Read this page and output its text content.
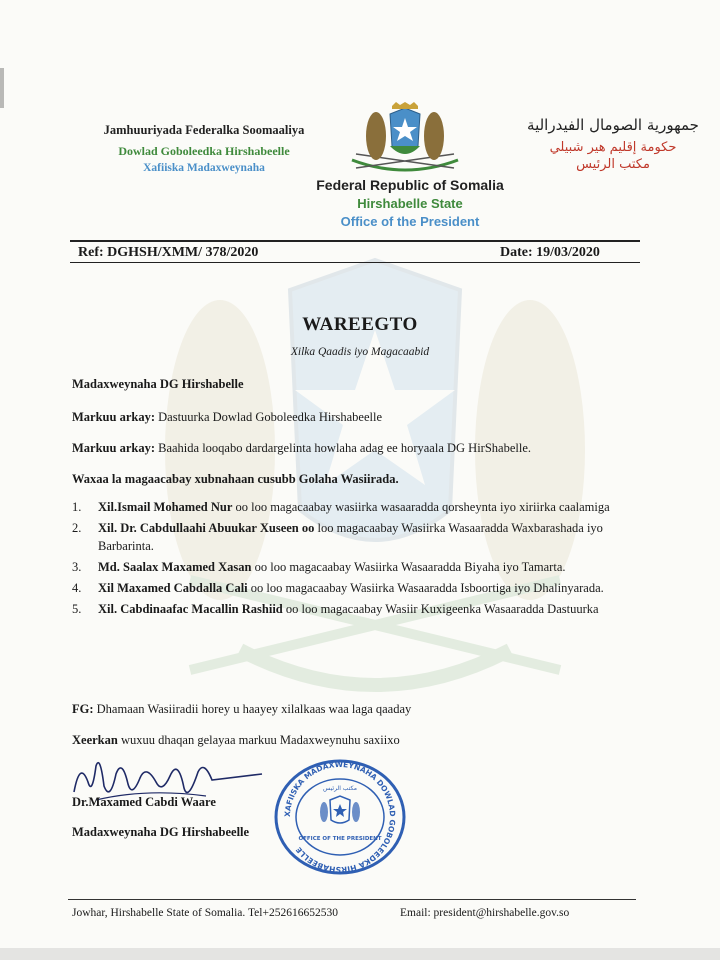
Jamhuuriyada Federalka Soomaaliya
Dowlad Goboleedka Hirshabeelle
Xafiiska Madaxweynaha
Federal Republic of Somalia
Hirshabelle State
Office of the President
جمهورية الصومال الفيدرالية
حكومة إقليم هير شبيلي
مكتب الرئيس
Ref: DGHSH/XMM/ 378/2020	Date: 19/03/2020
WAREEGTO
Xilka Qaadis iyo Magacaabid
Madaxweynaha DG Hirshabelle
Markuu arkay: Dastuurka Dowlad Goboleedka Hirshabeelle
Markuu arkay: Baahida looqabo dardargelinta howlaha adag ee horyaala DG HirShabelle.
Waxaa la magaacabay xubnahaan cusubb Golaha Wasiirada.
1. Xil.Ismail Mohamed Nur oo loo magacaabay wasiirka wasaaradda qorsheynta iyo xiriirka caalamiga
2. Xil. Dr. Cabdullaahi Abuukar Xuseen oo loo magacaabay Wasiirka Wasaaradda Waxbarashada iyo Barbarinta.
3. Md. Saalax Maxamed Xasan oo loo magacaabay Wasiirka Wasaaradda Biyaha iyo Tamarta.
4. Xil Maxamed Cabdalla Cali oo loo magacaabay Wasiirka Wasaaradda Isboortiga iyo Dhalinyarada.
5. Xil. Cabdinaafac Macallin Rashiid oo loo magacaabay Wasiir Kuxigeenka Wasaaradda Dastuurka
FG: Dhamaan Wasiiradii horey u haayey xilalkaas waa laga qaaday
Xeerkan wuxuu dhaqan gelayaa markuu Madaxweynuhu saxiixo
Dr.Maxamed Cabdi Waare
Madaxweynaha DG Hirshabeelle
XAFIISKA MADAXWEYNAHA DOWLAD GOBOLEEDKA HIRSHABEELLE
مكتب الرئيس
OFFICE OF THE PRESIDENT
Jowhar, Hirshabelle State of Somalia. Tel+252616652530	Email: president@hirshabelle.gov.so
